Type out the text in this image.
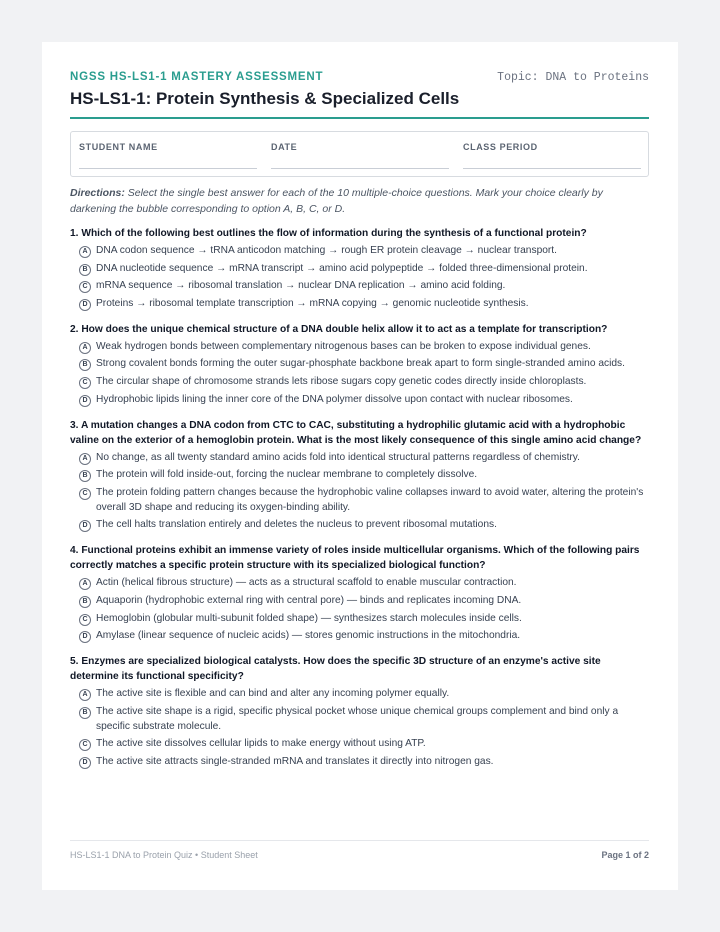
NGSS HS-LS1-1 MASTERY ASSESSMENT	Topic: DNA to Proteins
HS-LS1-1: Protein Synthesis & Specialized Cells
STUDENT NAME	DATE	CLASS PERIOD
Directions: Select the single best answer for each of the 10 multiple-choice questions. Mark your choice clearly by darkening the bubble corresponding to option A, B, C, or D.
1. Which of the following best outlines the flow of information during the synthesis of a functional protein?
A DNA codon sequence → tRNA anticodon matching → rough ER protein cleavage → nuclear transport.
B DNA nucleotide sequence → mRNA transcript → amino acid polypeptide → folded three-dimensional protein.
C mRNA sequence → ribosomal translation → nuclear DNA replication → amino acid folding.
D Proteins → ribosomal template transcription → mRNA copying → genomic nucleotide synthesis.
2. How does the unique chemical structure of a DNA double helix allow it to act as a template for transcription?
A Weak hydrogen bonds between complementary nitrogenous bases can be broken to expose individual genes.
B Strong covalent bonds forming the outer sugar-phosphate backbone break apart to form single-stranded amino acids.
C The circular shape of chromosome strands lets ribose sugars copy genetic codes directly inside chloroplasts.
D Hydrophobic lipids lining the inner core of the DNA polymer dissolve upon contact with nuclear ribosomes.
3. A mutation changes a DNA codon from CTC to CAC, substituting a hydrophilic glutamic acid with a hydrophobic valine on the exterior of a hemoglobin protein. What is the most likely consequence of this single amino acid change?
A No change, as all twenty standard amino acids fold into identical structural patterns regardless of chemistry.
B The protein will fold inside-out, forcing the nuclear membrane to completely dissolve.
C The protein folding pattern changes because the hydrophobic valine collapses inward to avoid water, altering the protein's overall 3D shape and reducing its oxygen-binding ability.
D The cell halts translation entirely and deletes the nucleus to prevent ribosomal mutations.
4. Functional proteins exhibit an immense variety of roles inside multicellular organisms. Which of the following pairs correctly matches a specific protein structure with its specialized biological function?
A Actin (helical fibrous structure) — acts as a structural scaffold to enable muscular contraction.
B Aquaporin (hydrophobic external ring with central pore) — binds and replicates incoming DNA.
C Hemoglobin (globular multi-subunit folded shape) — synthesizes starch molecules inside cells.
D Amylase (linear sequence of nucleic acids) — stores genomic instructions in the mitochondria.
5. Enzymes are specialized biological catalysts. How does the specific 3D structure of an enzyme's active site determine its functional specificity?
A The active site is flexible and can bind and alter any incoming polymer equally.
B The active site shape is a rigid, specific physical pocket whose unique chemical groups complement and bind only a specific substrate molecule.
C The active site dissolves cellular lipids to make energy without using ATP.
D The active site attracts single-stranded mRNA and translates it directly into nitrogen gas.
HS-LS1-1 DNA to Protein Quiz • Student Sheet	Page 1 of 2
